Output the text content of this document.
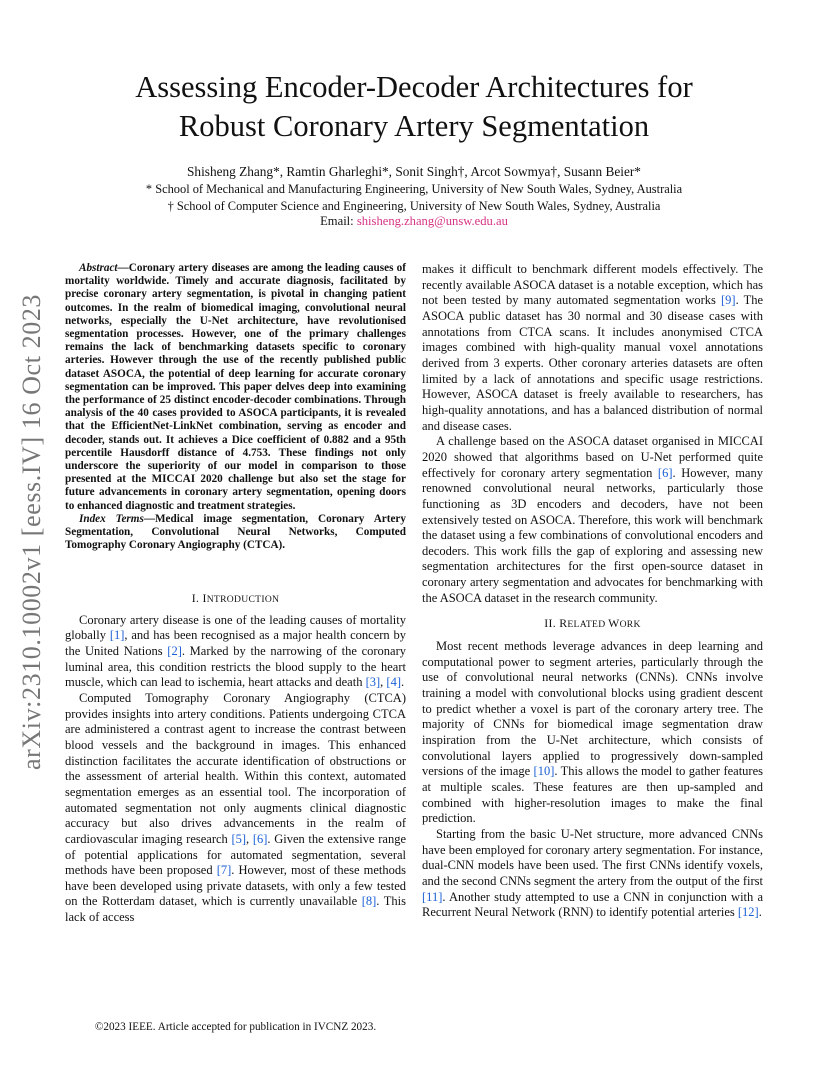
arXiv:2310.10002v1 [eess.IV] 16 Oct 2023
Assessing Encoder-Decoder Architectures for
Robust Coronary Artery Segmentation
Shisheng Zhang*, Ramtin Gharleghi*, Sonit Singh†, Arcot Sowmya†, Susann Beier*
* School of Mechanical and Manufacturing Engineering, University of New South Wales, Sydney, Australia
† School of Computer Science and Engineering, University of New South Wales, Sydney, Australia
Email: shisheng.zhang@unsw.edu.au

Abstract—Coronary artery diseases are among the leading causes of mortality worldwide. Timely and accurate diagnosis, facilitated by precise coronary artery segmentation, is pivotal in changing patient outcomes. In the realm of biomedical imaging, convolutional neural networks, especially the U-Net architecture, have revolutionised segmentation processes. However, one of the primary challenges remains the lack of benchmarking datasets specific to coronary arteries. However through the use of the recently published public dataset ASOCA, the potential of deep learning for accurate coronary segmentation can be improved. This paper delves deep into examining the performance of 25 distinct encoder-decoder combinations. Through analysis of the 40 cases provided to ASOCA participants, it is revealed that the EfficientNet-LinkNet combination, serving as encoder and decoder, stands out. It achieves a Dice coefficient of 0.882 and a 95th percentile Hausdorff distance of 4.753. These findings not only underscore the superiority of our model in comparison to those presented at the MICCAI 2020 challenge but also set the stage for future advancements in coronary artery segmentation, opening doors to enhanced diagnostic and treatment strategies.

Index Terms—Medical image segmentation, Coronary Artery Segmentation, Convolutional Neural Networks, Computed Tomography Coronary Angiography (CTCA).

I. INTRODUCTION

Coronary artery disease is one of the leading causes of mortality globally [1], and has been recognised as a major health concern by the United Nations [2]. Marked by the narrowing of the coronary luminal area, this condition restricts the blood supply to the heart muscle, which can lead to ischemia, heart attacks and death [3], [4].

Computed Tomography Coronary Angiography (CTCA) provides insights into artery conditions. Patients undergoing CTCA are administered a contrast agent to increase the contrast between blood vessels and the background in images. This enhanced distinction facilitates the accurate identification of obstructions or the assessment of arterial health. Within this context, automated segmentation emerges as an essential tool. The incorporation of automated segmentation not only augments clinical diagnostic accuracy but also drives advancements in the realm of cardiovascular imaging research [5], [6]. Given the extensive range of potential applications for automated segmentation, several methods have been proposed [7]. However, most of these methods have been developed using private datasets, with only a few tested on the Rotterdam dataset, which is currently unavailable [8]. This lack of access

makes it difficult to benchmark different models effectively. The recently available ASOCA dataset is a notable exception, which has not been tested by many automated segmentation works [9]. The ASOCA public dataset has 30 normal and 30 disease cases with annotations from CTCA scans. It includes anonymised CTCA images combined with high-quality manual voxel annotations derived from 3 experts. Other coronary arteries datasets are often limited by a lack of annotations and specific usage restrictions. However, ASOCA dataset is freely available to researchers, has high-quality annotations, and has a balanced distribution of normal and disease cases.

A challenge based on the ASOCA dataset organised in MICCAI 2020 showed that algorithms based on U-Net performed quite effectively for coronary artery segmentation [6]. However, many renowned convolutional neural networks, particularly those functioning as 3D encoders and decoders, have not been extensively tested on ASOCA. Therefore, this work will benchmark the dataset using a few combinations of convolutional encoders and decoders. This work fills the gap of exploring and assessing new segmentation architectures for the first open-source dataset in coronary artery segmentation and advocates for benchmarking with the ASOCA dataset in the research community.

II. RELATED WORK

Most recent methods leverage advances in deep learning and computational power to segment arteries, particularly through the use of convolutional neural networks (CNNs). CNNs involve training a model with convolutional blocks using gradient descent to predict whether a voxel is part of the coronary artery tree. The majority of CNNs for biomedical image segmentation draw inspiration from the U-Net architecture, which consists of convolutional layers applied to progressively down-sampled versions of the image [10]. This allows the model to gather features at multiple scales. These features are then up-sampled and combined with higher-resolution images to make the final prediction.

Starting from the basic U-Net structure, more advanced CNNs have been employed for coronary artery segmentation. For instance, dual-CNN models have been used. The first CNNs identify voxels, and the second CNNs segment the artery from the output of the first [11]. Another study attempted to use a CNN in conjunction with a Recurrent Neural Network (RNN) to identify potential arteries [12].

©2023 IEEE. Article accepted for publication in IVCNZ 2023.
